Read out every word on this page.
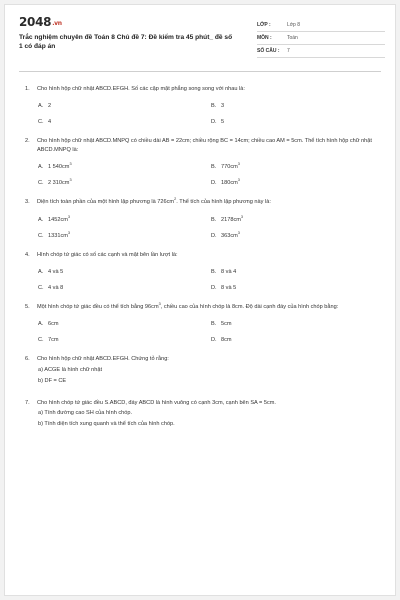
2048.vn
Trắc nghiệm chuyên đề Toán 8 Chủ đề 7: Đề kiểm tra 45 phút_ đề số 1 có đáp án
LỚP :	Lớp 8
MÔN :	Toán
SỐ CÂU :	7
1.	Cho hình hộp chữ nhật ABCD.EFGH. Số các cặp mặt phẳng song song với nhau là:
A. 2	B. 3
C. 4	D. 5
2.	Cho hình hộp chữ nhật ABCD.MNPQ có chiều dài AB = 22cm; chiều rộng BC = 14cm; chiều cao AM = 5cm. Thể tích hình hộp chữ nhật ABCD.MNPQ là:
A. 1 540cm 3	B. 770cm 3
C. 2 310cm 3	D. 180cm 3
3.	Diện tích toàn phần của một hình lập phương là $726cm^2$. Thể tích của hình lập phương này là:
A. 1452cm 3	B. 2178cm 3
C. 1331cm 3	D. 363cm 3
4.	Hình chóp tứ giác có số các cạnh và mặt bên lần lượt là:
A. 4 và 5	B. 8 và 4
C. 4 và 8	D. 8 và 5
5.	Một hình chóp tứ giác đều có thể tích bằng $96cm^3$, chiều cao của hình chóp là 8cm. Độ dài cạnh đáy của hình chóp bằng:
A. 6cm	B. 5cm
C. 7cm	D. 8cm
6.	Cho hình hộp chữ nhật ABCD.EFGH. Chứng tỏ rằng:
a) ACGE là hình chữ nhật
b) DF = CE
7.	Cho hình chóp tứ giác đều S.ABCD, đáy ABCD là hình vuông có cạnh 3cm, cạnh bên SA = 5cm.
a) Tính đường cao SH của hình chóp.
b) Tính diện tích xung quanh và thể tích của hình chóp.
